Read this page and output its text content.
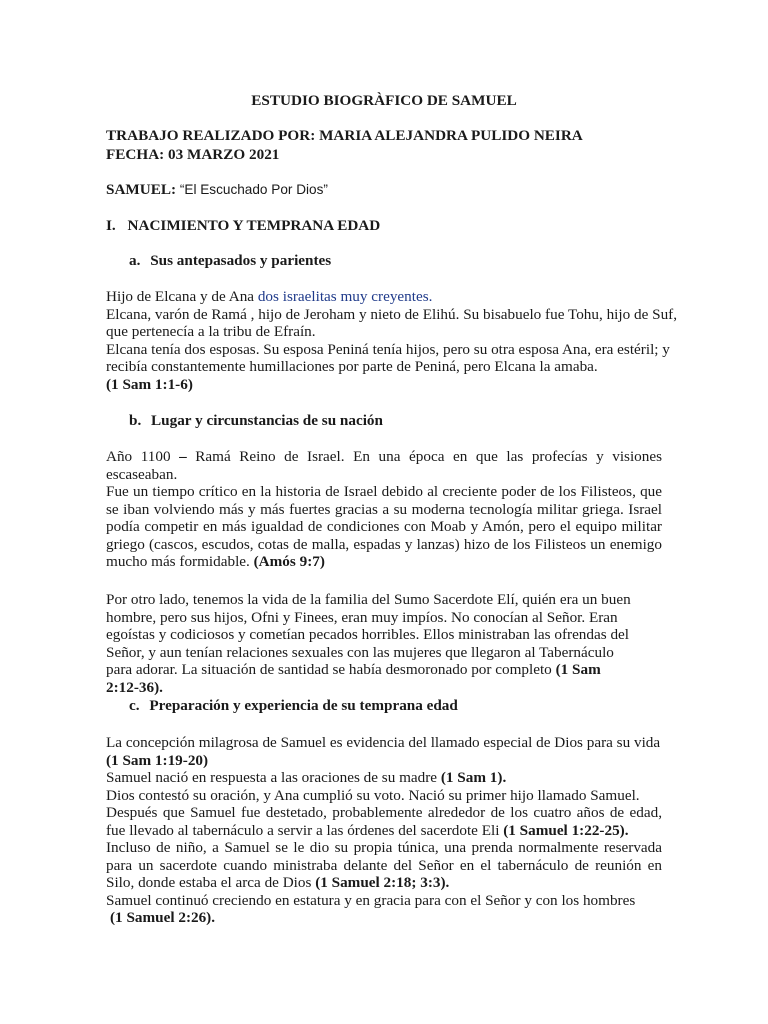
ESTUDIO BIOGRÀFICO DE SAMUEL
TRABAJO REALIZADO POR: MARIA ALEJANDRA PULIDO NEIRA
FECHA: 03 MARZO 2021
SAMUEL: “El Escuchado Por Dios”
I. NACIMIENTO Y TEMPRANA EDAD
a. Sus antepasados y parientes
Hijo de Elcana y de Ana dos israelitas muy creyentes.
Elcana, varón de Ramá , hijo de Jeroham y nieto de Elihú. Su bisabuelo fue Tohu, hijo de Suf, que pertenecía a la tribu de Efraín.
Elcana tenía dos esposas. Su esposa Peniná tenía hijos, pero su otra esposa Ana, era estéril; y recibía constantemente humillaciones por parte de Peniná, pero Elcana la amaba.
(1 Sam 1:1-6)
b. Lugar y circunstancias de su nación
Año 1100 – Ramá Reino de Israel. En una época en que las profecías y visiones escaseaban.
Fue un tiempo crítico en la historia de Israel debido al creciente poder de los Filisteos, que se iban volviendo más y más fuertes gracias a su moderna tecnología militar griega. Israel podía competir en más igualdad de condiciones con Moab y Amón, pero el equipo militar griego (cascos, escudos, cotas de malla, espadas y lanzas) hizo de los Filisteos un enemigo mucho más formidable. (Amós 9:7)
Por otro lado, tenemos la vida de la familia del Sumo Sacerdote Elí, quién era un buen hombre, pero sus hijos, Ofni y Finees, eran muy impíos. No conocían al Señor. Eran egoístas y codiciosos y cometían pecados horribles. Ellos ministraban las ofrendas del Señor, y aun tenían relaciones sexuales con las mujeres que llegaron al Tabernáculo para adorar. La situación de santidad se había desmoronado por completo (1 Sam 2:12-36).
c. Preparación y experiencia de su temprana edad
La concepción milagrosa de Samuel es evidencia del llamado especial de Dios para su vida
(1 Sam 1:19-20)
Samuel nació en respuesta a las oraciones de su madre (1 Sam 1).
Dios contestó su oración, y Ana cumplió su voto. Nació su primer hijo llamado Samuel.
Después que Samuel fue destetado, probablemente alrededor de los cuatro años de edad, fue llevado al tabernáculo a servir a las órdenes del sacerdote Eli (1 Samuel 1:22-25).
Incluso de niño, a Samuel se le dio su propia túnica, una prenda normalmente reservada para un sacerdote cuando ministraba delante del Señor en el tabernáculo de reunión en Silo, donde estaba el arca de Dios (1 Samuel 2:18; 3:3).
Samuel continuó creciendo en estatura y en gracia para con el Señor y con los hombres
(1 Samuel 2:26).
